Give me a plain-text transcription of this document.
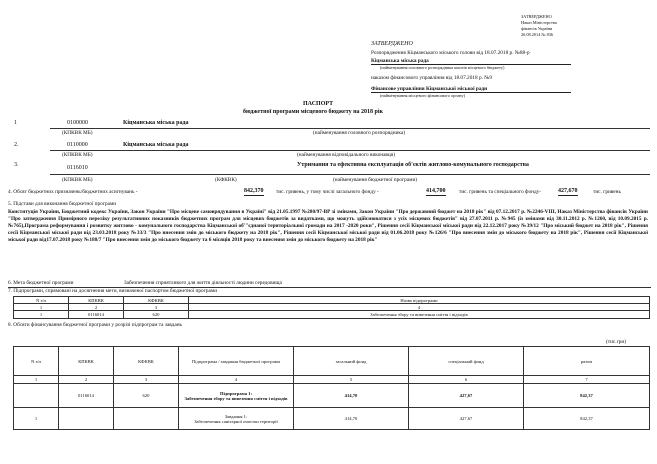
ЗАТВЕРДЖЕНО
Наказ Міністерства
фінансів України
26.08.2014 № 836
ЗАТВЕРДЖЕНО
Розпорядження Кіцманського міського голови від 18.07.2018 р. №88-р
Кіцманська міська рада
(найменування головного розпорядника коштів місцевого бюджету)
наказом фінансового управління від 18.07.2018 р. №9
Фінансове управління Кіцманської міської ради
(найменування місцевого фінансового органу)
ПАСПОРТ
бюджетної програми місцевого бюджету на 2018 рік
1	0100000	Кіцманська міська рада
(КПКВК МБ)	(найменування головного розпорядника)
2.	0110000	Кіцманська міська рада
(КПКВК МБ)	(найменування відповідального виконавця)
3.	0116010	Утримання та ефективна експлуатація об'єктів житлово-комунального господарства
(КПКВК МБ)	(КФКВК)	(найменування бюджетної програми)
4. Обсяг бюджетних призначень/бюджетних асигнувань -	842,370 тис. гривень, у тому числі загального фонду -	414,700	тис. гривень та спеціального фонду-	427,670	тис. гривень
5. Підстави для виконання бюджетної програми
Конституція України, Бюджетний кодекс України, Закон України "Про місцеве самоврядування в Україні" від 21.05.1997 №280/97-ВР зі змінами, Закон України "Про державний бюджет на 2018 рік" від 07.12.2017 р. №2246-VIII, Наказ Міністерства фінансів України "Про затвердження Примірного переліку результативних показників бюджетних програм для місцевих бюджетів за видатками, що можуть здійснюватися з усіх місцевих бюджетів" від 27.07.2011 р. №945 (із змінами від 30.11.2012 р. №1260, від 10.09.2015 р. №765),Програма реформування і розвитку житлово - комунального господарства Кіцманської об'"єднаної територіальної громади на 2017 -2020 роки", Рішення сесії Кіцманської міської ради від 22.12.2017 року №39/12 "Про міський бюджет на 2018 рік", Рішення сесії Кіцманської міської ради від 23.03.2018 року №33/3 "Про внесення змін до міського бюджету на 2018 рік", Рішення сесії Кіцманської міської ради від 01.06.2018 року №126/6 "Про внесення змін до міського бюджету на 2018 рік", Рішення сесії Кіцманської міської ради від17.07.2018 року №188/7 "Про внесення змін до міського бюджету та 6 місяців 2018 року та внесення змін до міського бюджету на 2018 рік"
6. Мета бюджетної програми	Забезпечення сприятливого для життя діяльності людини середовища
7. Підпрограми, спрямовані на досягнення мети, визначеної паспортом бюджетної програми
N з/п	КПКВК	КФКВК	Назва підпрограми
1	2	3	4
1	0116014	620	Забезпечення збору та вивезення сміття і відходів
8. Обсяги фінансування бюджетної програми у розрізі підпрограм та завдань
(тис.грн)
N з/п	КПКВК	КФКВК	Підпрограма / завдання бюджетної програми	загальний фонд	спеціальний фонд	разом
1	2	3	4	5	6	7
	0116014	620	Підпрограма 1:
Забезпечення збору та вивезення сміття і відходів	414,70	427,67	842,37
1			Завдання 1:
Забезпечення санітарної очистки території	414,70	427,67	842,37
